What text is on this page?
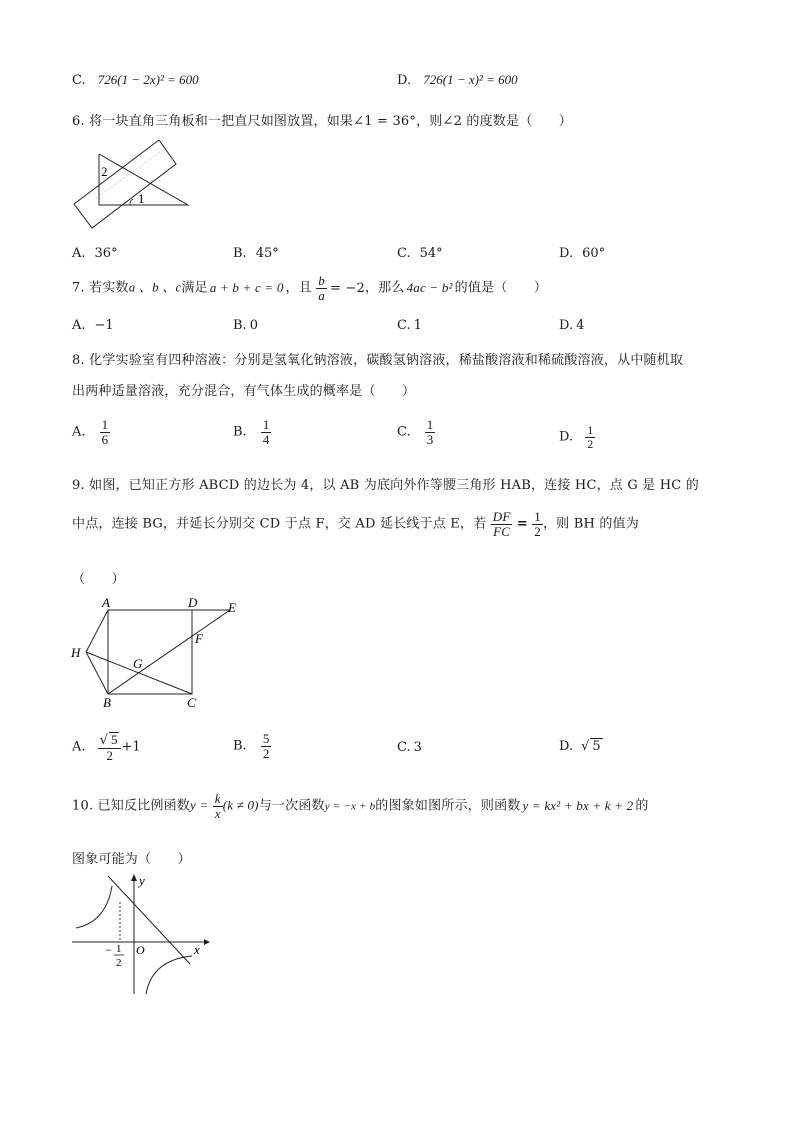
C. 726(1 − 2x)² = 600	D. 726(1 − x)² = 600
6. 将一块直角三角板和一把直尺如图放置，如果∠1 = 36°，则∠2 的度数是（　　）
2
1
A. 36°	B. 45°	C. 54°	D. 60°
7. 若实数a 、b 、c满足 a + b + c = 0 ，且 $\frac{b}{a} = -2$，那么 4ac − b² 的值是（　　）
A. −1	B. 0	C. 1	D. 4
8. 化学实验室有四种溶液：分别是氢氧化钠溶液，碳酸氢钠溶液，稀盐酸溶液和稀硫酸溶液，从中随机取
出两种适量溶液，充分混合，有气体生成的概率是（　　）
A. $\frac{1}{6}$	B. $\frac{1}{4}$	C. $\frac{1}{3}$	D. $\frac{1}{2}$
9. 如图，已知正方形 ABCD 的边长为 4，以 AB 为底向外作等腰三角形 HAB，连接 HC，点 G 是 HC 的
中点，连接 BG，并延长分别交 CD 于点 F，交 AD 延长线于点 E，若 $\frac{DF}{FC} = \frac{1}{2}$ ，则 BH 的值为
（　　）
A	D E
F
H
G
B	C
A. $\frac{√ 5}{2} +1$	B. $\frac{5}{2}$	C. 3	D. √ 5
10. 已知反比例函数$y = \frac{k}{x} (k \ne 0)$与一次函数y = −x + b的图象如图所示，则函数 y = kx² + bx + k + 2 的
图象可能为（　　）
y
x
O
− 1
2
